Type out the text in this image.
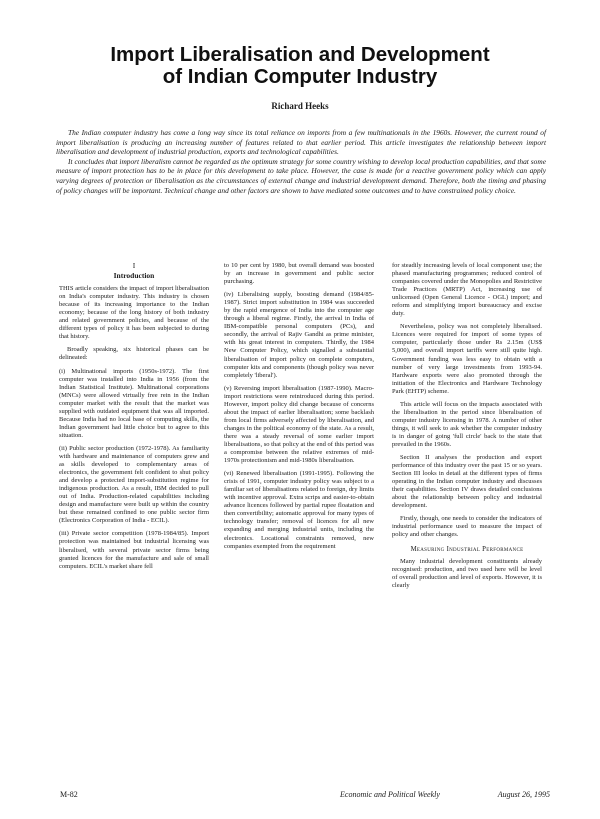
Import Liberalisation and Development
of Indian Computer Industry
Richard Heeks

The Indian computer industry has come a long way since its total reliance on imports from a few multinationals in the 1960s. However, the current round of import liberalisation is producing an increasing number of features related to that earlier period. This article investigates the relationship between import liberalisation and development of industrial production, exports and technological capabilities.

It concludes that import liberalism cannot be regarded as the optimum strategy for some country wishing to develop local production capabilities, and that some measure of import protection has to be in place for this development to take place. However, the case is made for a reactive government policy which can apply varying degrees of protection or liberalisation as the circumstances of external change and industrial development demand. Therefore, both the timing and phasing of policy changes will be important. Technical change and other factors are shown to have mediated some outcomes and to have constrained policy choice.

I
Introduction

THIS article considers the impact of import liberalisation on India's computer industry. This industry is chosen because of its increasing importance to the Indian economy; because of the long history of both industry and related government policies, and because of the different types of policy it has been subjected to during that history.

Broadly speaking, six historical phases can be delineated:

(i) Multinational imports (1950s-1972). The first computer was installed into India in 1956 (from the Indian Statistical Institute). Multinational corporations (MNCs) were allowed virtually free rein in the Indian computer market with the result that the market was supplied with outdated equipment that was all imported. Because India had no local base of computing skills, the Indian government had little choice but to agree to this situation.

(ii) Public sector production (1972-1978). As familiarity with hardware and maintenance of computers grew and as skills developed to complementary areas of electronics, the government felt confident to shut policy and develop a protected import-substitution regime for indigenous production. As a result, IBM decided to pull out of India. Production-related capabilities including design and manufacture were built up within the country but these remained confined to one public sector firm (Electronics Corporation of India - ECIL).

(iii) Private sector competition (1978-1984/85). Import protection was maintained but industrial licensing was liberalised, with several private sector firms being granted licences for the manufacture and sale of small computers. ECIL's market share fell

to 10 per cent by 1980, but overall demand was boosted by an increase in government and public sector purchasing.

(iv) Liberalising supply, boosting demand (1984/85-1987). Strict import substitution in 1984 was succeeded by the rapid emergence of India into the computer age through a liberal regime. Firstly, the arrival in India of IBM-compatible personal computers (PCs), and secondly, the arrival of Rajiv Gandhi as prime minister, with his great interest in computers. Thirdly, the 1984 New Computer Policy, which signalled a substantial liberalisation of import policy on complete computers, computer kits and components (though policy was never completely 'liberal').

(v) Reversing import liberalisation (1987-1990). Macro-import restrictions were reintroduced during this period. However, import policy did change because of concerns about the impact of earlier liberalisation; some backlash from local firms adversely affected by liberalisation, and changes in the political economy of the state. As a result, there was a steady reversal of some earlier import liberalisations, so that policy at the end of this period was a compromise between the relative extremes of mid-1970s protectionism and mid-1980s liberalisation.

(vi) Renewed liberalisation (1991-1995). Following the crisis of 1991, computer industry policy was subject to a familiar set of liberalisations related to foreign, dry limits with incentive approval. Extra scrips and easier-to-obtain advance licences followed by partial rupee floatation and then convertibility; automatic approval for many types of technology transfer; removal of licences for all new expanding and merging industrial units, including the electronics. Locational constraints removed, new companies exempted from the requirement

for steadily increasing levels of local component use; the phased manufacturing programmes; reduced control of companies covered under the Monopolies and Restrictive Trade Practices (MRTP) Act, increasing use of unlicensed (Open General Licence - OGL) import; and reform and simplifying import bureaucracy and excise duty.

Nevertheless, policy was not completely liberalised. Licences were required for import of some types of computer, particularly those under Rs 2.15m (US$ 5,000), and overall import tariffs were still quite high. Government funding was less easy to obtain with a number of very large investments from 1993-94. Hardware exports were also promoted through the initiation of the Electronics and Hardware Technology Park (EHTP) scheme.

This article will focus on the impacts associated with the liberalisation in the period since liberalisation of computer industry licensing in 1978. A number of other things, it will seek to ask whether the computer industry is in danger of going 'full circle' back to the state that prevailed in the 1960s.

Section II analyses the production and export performance of this industry over the past 15 or so years. Section III looks in detail at the different types of firms operating in the Indian computer industry and discusses their capabilities. Section IV draws detailed conclusions about the relationship between policy and industrial development.

Firstly, though, one needs to consider the indicators of industrial performance used to measure the impact of policy and other changes.

Measuring Industrial Performance

Many industrial development constituents already recognised: production, and two used here will be level of overall production and level of exports. However, it is clearly

M-82	Economic and Political Weekly	August 26, 1995
